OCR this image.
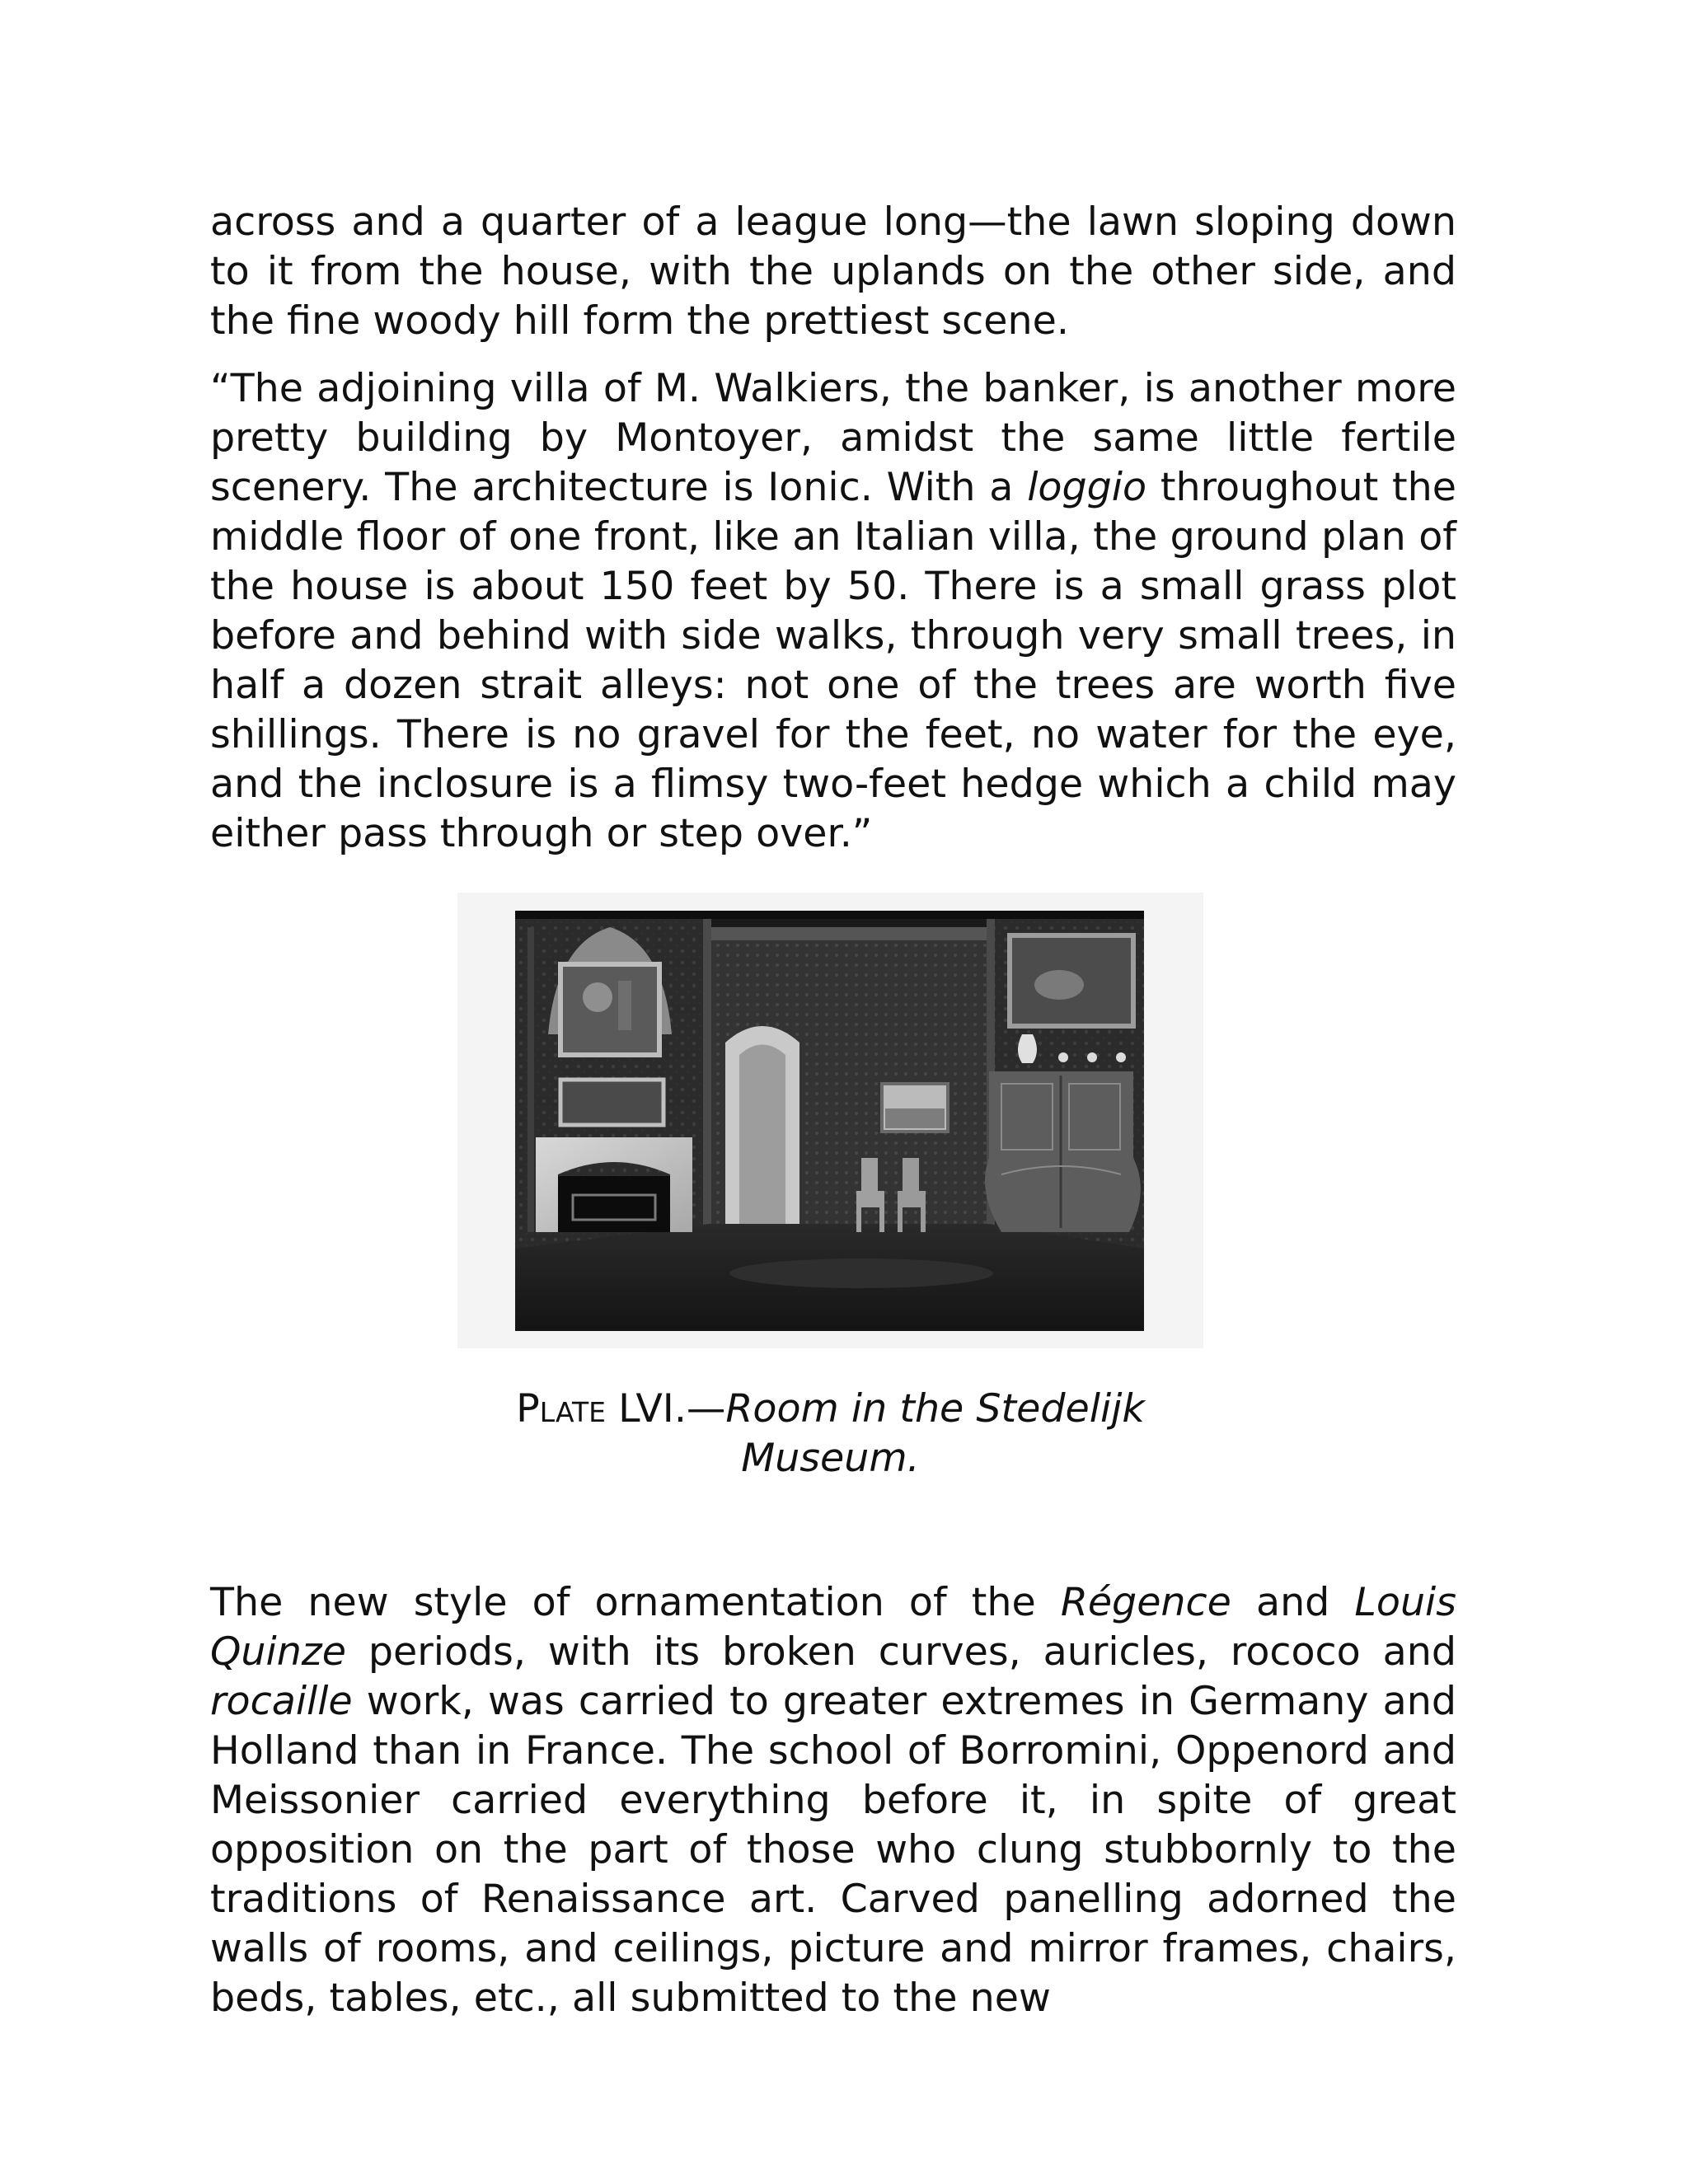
across and a quarter of a league long—the lawn sloping down to it from the house, with the uplands on the other side, and the fine woody hill form the prettiest scene.

“The adjoining villa of M. Walkiers, the banker, is another more pretty building by Montoyer, amidst the same little fertile scenery. The architecture is Ionic. With a loggio throughout the middle floor of one front, like an Italian villa, the ground plan of the house is about 150 feet by 50. There is a small grass plot before and behind with side walks, through very small trees, in half a dozen strait alleys: not one of the trees are worth five shillings. There is no gravel for the feet, no water for the eye, and the inclosure is a flimsy two-feet hedge which a child may either pass through or step over.”

Plate LVI.—Room in the Stedelijk
Museum.

The new style of ornamentation of the Régence and Louis Quinze periods, with its broken curves, auricles, rococo and rocaille work, was carried to greater extremes in Germany and Holland than in France. The school of Borromini, Oppenord and Meissonier carried everything before it, in spite of great opposition on the part of those who clung stubbornly to the traditions of Renaissance art. Carved panelling adorned the walls of rooms, and ceilings, picture and mirror frames, chairs, beds, tables, etc., all submitted to the new
